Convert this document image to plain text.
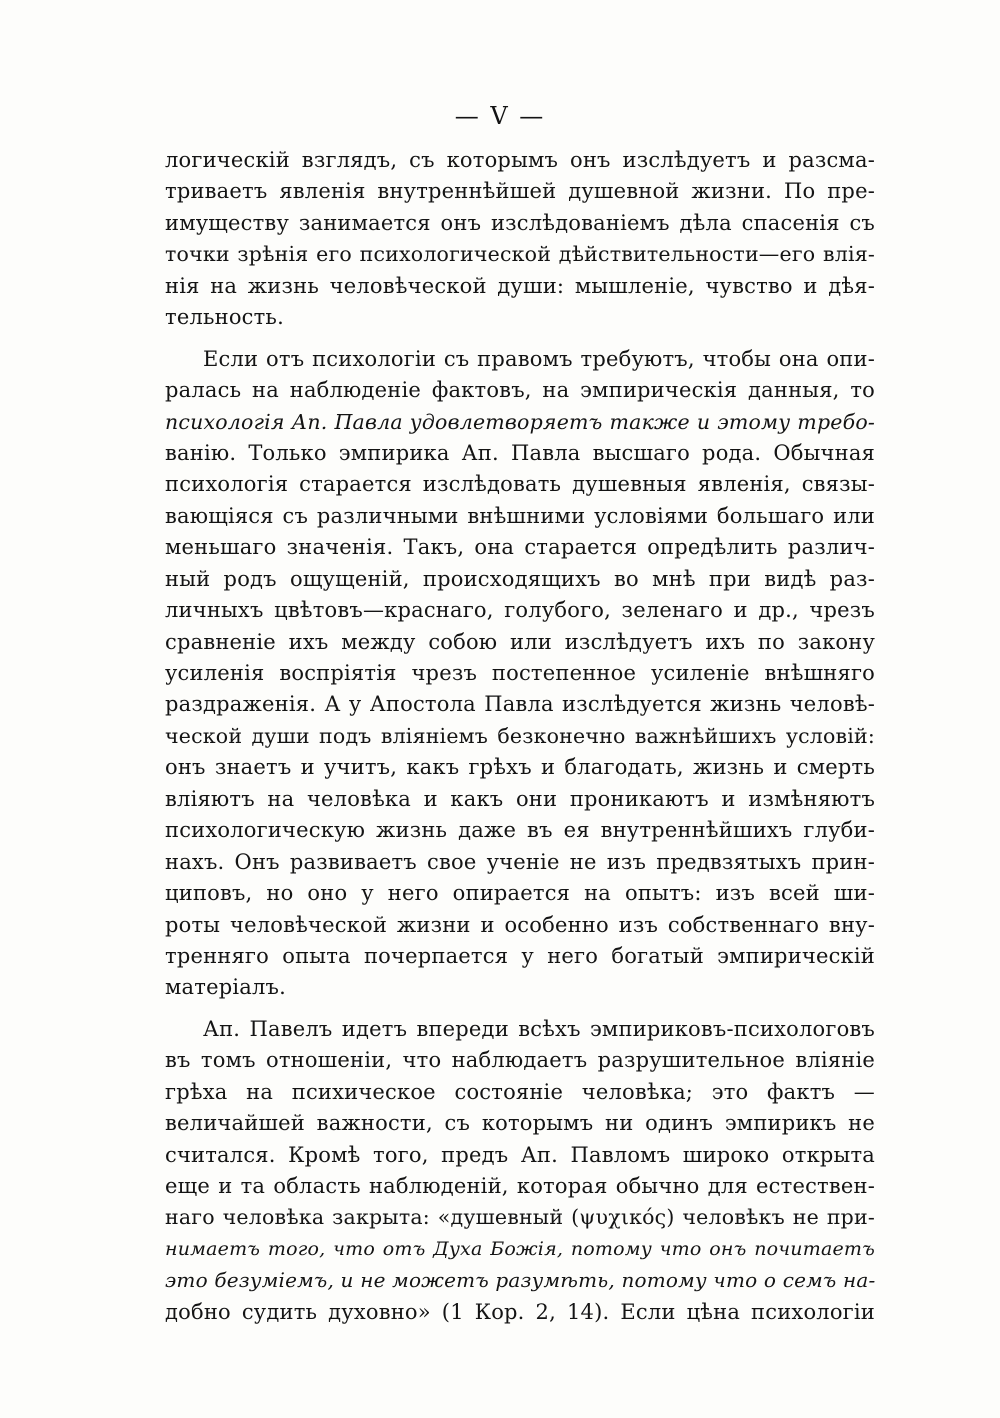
— V —
логическій взглядъ, съ которымъ онъ изслѣдуетъ и разсма-
триваетъ явленія внутреннѣйшей душевной жизни. По пре-
имуществу занимается онъ изслѣдованіемъ дѣла спасенія съ
точки зрѣнія его психологической дѣйствительности—его влія-
нія на жизнь человѣческой души: мышленіе, чувство и дѣя-
тельность.
Если отъ психологіи съ правомъ требуютъ, чтобы она опи-
ралась на наблюденіе фактовъ, на эмпирическія данныя, то
психологія Ап. Павла удовлетворяетъ также и этому требо-
ванію. Только эмпирика Ап. Павла высшаго рода. Обычная
психологія старается изслѣдовать душевныя явленія, связы-
вающіяся съ различными внѣшними условіями большаго или
меньшаго значенія. Такъ, она старается опредѣлить различ-
ный родъ ощущеній, происходящихъ во мнѣ при видѣ раз-
личныхъ цвѣтовъ—краснаго, голубого, зеленаго и др., чрезъ
сравненіе ихъ между собою или изслѣдуетъ ихъ по закону
усиленія воспріятія чрезъ постепенное усиленіе внѣшняго
раздраженія. А у Апостола Павла изслѣдуется жизнь человѣ-
ческой души подъ вліяніемъ безконечно важнѣйшихъ условій:
онъ знаетъ и учитъ, какъ грѣхъ и благодать, жизнь и смерть
вліяютъ на человѣка и какъ они проникаютъ и измѣняютъ
психологическую жизнь даже въ ея внутреннѣйшихъ глуби-
нахъ. Онъ развиваетъ свое ученіе не изъ предвзятыхъ прин-
циповъ, но оно у него опирается на опытъ: изъ всей ши-
роты человѣческой жизни и особенно изъ собственнаго вну-
тренняго опыта почерпается у него богатый эмпирическій
матеріалъ.
Ап. Павелъ идетъ впереди всѣхъ эмпириковъ-психологовъ
въ томъ отношеніи, что наблюдаетъ разрушительное вліяніе
грѣха на психическое состояніе человѣка; это фактъ —
величайшей важности, съ которымъ ни одинъ эмпирикъ не
считался. Кромѣ того, предъ Ап. Павломъ широко открыта
еще и та область наблюденій, которая обычно для естествен-
наго человѣка закрыта: «душевный (ψυχικός) человѣкъ не при-
нимаетъ того, что отъ Духа Божія, потому что онъ почитаетъ
это безуміемъ, и не можетъ разумѣть, потому что о семъ на-
добно судить духовно» (1 Кор. 2, 14). Если цѣна психологіи
